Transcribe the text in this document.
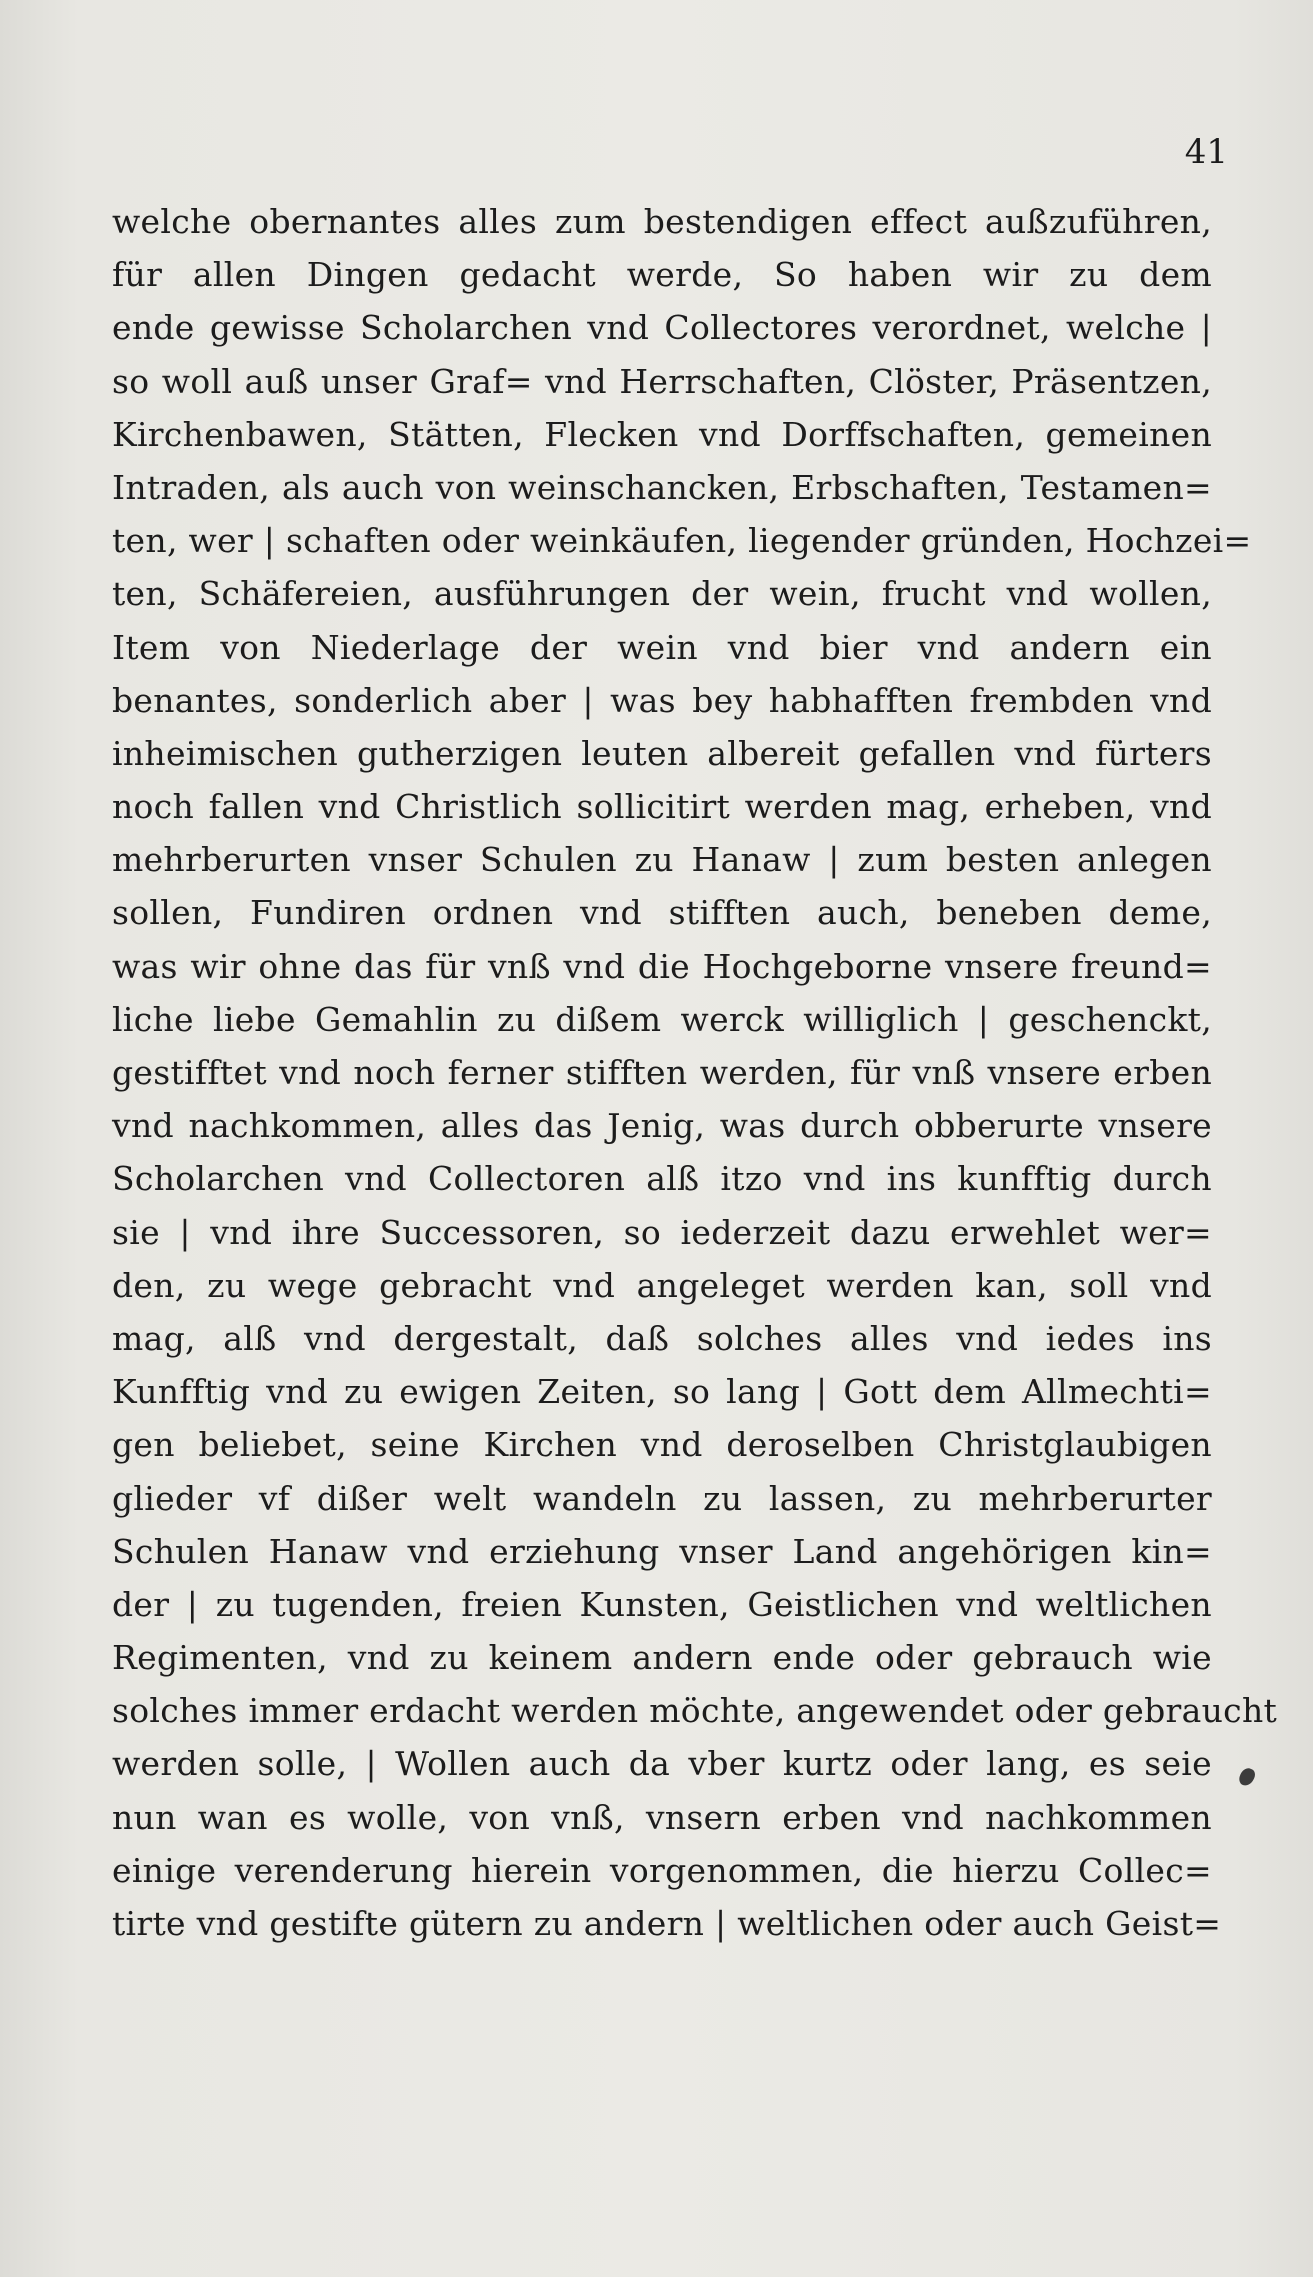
41
welche obernantes alles zum bestendigen effect außzuführen,
für allen Dingen gedacht werde, So haben wir zu dem
ende gewisse Scholarchen vnd Collectores verordnet, welche |
so woll auß unser Graf= vnd Herrschaften, Clöster, Präsentzen,
Kirchenbawen, Stätten, Flecken vnd Dorffschaften, gemeinen
Intraden, als auch von weinschancken, Erbschaften, Testamen=
ten, wer | schaften oder weinkäufen, liegender gründen, Hochzei=
ten, Schäfereien, ausführungen der wein, frucht vnd wollen,
Item von Niederlage der wein vnd bier vnd andern ein
benantes, sonderlich aber | was bey habhafften frembden vnd
inheimischen gutherzigen leuten albereit gefallen vnd fürters
noch fallen vnd Christlich sollicitirt werden mag, erheben, vnd
mehrberurten vnser Schulen zu Hanaw | zum besten anlegen
sollen, Fundiren ordnen vnd stifften auch, beneben deme,
was wir ohne das für vnß vnd die Hochgeborne vnsere freund=
liche liebe Gemahlin zu dißem werck williglich | geschenckt,
gestifftet vnd noch ferner stifften werden, für vnß vnsere erben
vnd nachkommen, alles das Jenig, was durch obberurte vnsere
Scholarchen vnd Collectoren alß itzo vnd ins kunfftig durch
sie | vnd ihre Successoren, so iederzeit dazu erwehlet wer=
den, zu wege gebracht vnd angeleget werden kan, soll vnd
mag, alß vnd dergestalt, daß solches alles vnd iedes ins
Kunfftig vnd zu ewigen Zeiten, so lang | Gott dem Allmechti=
gen beliebet, seine Kirchen vnd deroselben Christglaubigen
glieder vf dißer welt wandeln zu lassen, zu mehrberurter
Schulen Hanaw vnd erziehung vnser Land angehörigen kin=
der | zu tugenden, freien Kunsten, Geistlichen vnd weltlichen
Regimenten, vnd zu keinem andern ende oder gebrauch wie
solches immer erdacht werden möchte, angewendet oder gebraucht
werden solle, | Wollen auch da vber kurtz oder lang, es seie
nun wan es wolle, von vnß, vnsern erben vnd nachkommen
einige verenderung hierein vorgenommen, die hierzu Collec=
tirte vnd gestifte gütern zu andern | weltlichen oder auch Geist=
